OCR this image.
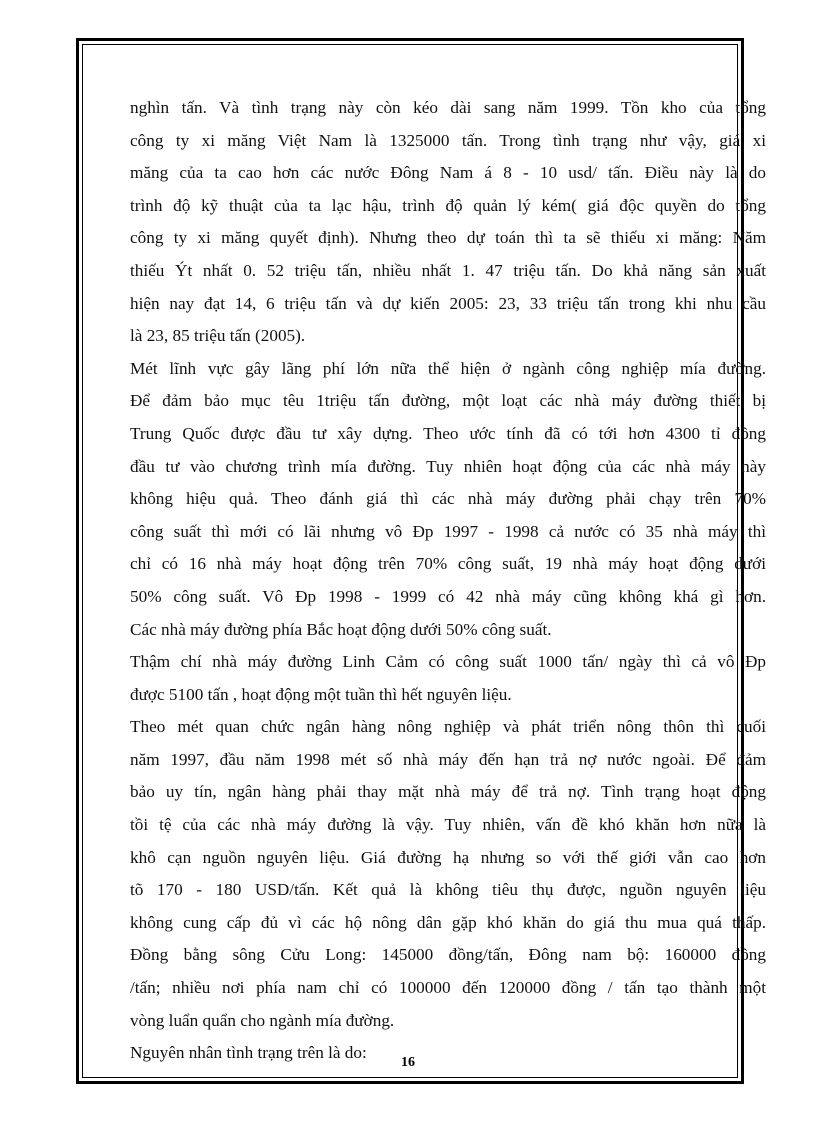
nghìn tấn. Và tình trạng này còn kéo dài sang năm 1999. Tồn kho của tổng
công ty xi măng Việt Nam là 1325000 tấn. Trong tình trạng như vậy, giá xi
măng của ta cao hơn các nước Đông Nam á 8 - 10 usd/ tấn. Điều này là do
trình độ kỹ thuật của ta lạc hậu, trình độ quản lý kém( giá độc quyền do tổng
công ty xi măng quyết định). Nhưng theo dự toán thì ta sẽ thiếu xi măng: Năm
thiếu Ýt nhất 0. 52 triệu tấn, nhiều nhất 1. 47 triệu tấn. Do khả năng sản xuất
hiện nay đạt 14, 6 triệu tấn và dự kiến 2005: 23, 33 triệu tấn trong khi nhu cầu
là 23, 85 triệu tấn (2005).
Mét lĩnh vực gây lãng phí lớn nữa thể hiện ở ngành công nghiệp mía đường.
Để đảm bảo mục têu 1triệu tấn đường, một loạt các nhà máy đường thiết bị
Trung Quốc được đầu tư xây dựng. Theo ước tính đã có tới hơn 4300 tỉ đồng
đầu tư vào chương trình mía đường. Tuy nhiên hoạt động của các nhà máy này
không hiệu quả. Theo đánh giá thì các nhà máy đường phải chạy trên 70%
công suất thì mới có lãi nhưng vô Ðp 1997 - 1998 cả nước có 35 nhà máy thì
chỉ có 16 nhà máy hoạt động trên 70% công suất, 19 nhà máy hoạt động dưới
50% công suất. Vô Ðp 1998 - 1999 có 42 nhà máy cũng không khá gì hơn.
Các nhà máy đường phía Bắc hoạt động dưới 50% công suất.
Thậm chí nhà máy đường Linh Cảm có công suất 1000 tấn/ ngày thì cả vô Ðp
được 5100 tấn , hoạt động một tuần thì hết nguyên liệu.
Theo mét quan chức ngân hàng nông nghiệp và phát triển nông thôn thì cuối
năm 1997, đầu năm 1998 mét số nhà máy đến hạn trả nợ nước ngoài. Để đảm
bảo uy tín, ngân hàng phải thay mặt nhà máy để trả nợ. Tình trạng hoạt động
tồi tệ của các nhà máy đường là vậy. Tuy nhiên, vấn đề khó khăn hơn nữa là
khô cạn nguồn nguyên liệu. Giá đường hạ nhưng so với thế giới vẫn cao hơn
tõ 170 - 180 USD/tấn. Kết quả là không tiêu thụ được, nguồn nguyên liệu
không cung cấp đủ vì các hộ nông dân gặp khó khăn do giá thu mua quá thấp.
Đồng bằng sông Cửu Long: 145000 đồng/tấn, Đông nam bộ: 160000 đồng
/tấn; nhiều nơi phía nam chỉ có 100000 đến 120000 đồng / tấn tạo thành một
vòng luẩn quẩn cho ngành mía đường.
Nguyên nhân tình trạng trên là do:
16
